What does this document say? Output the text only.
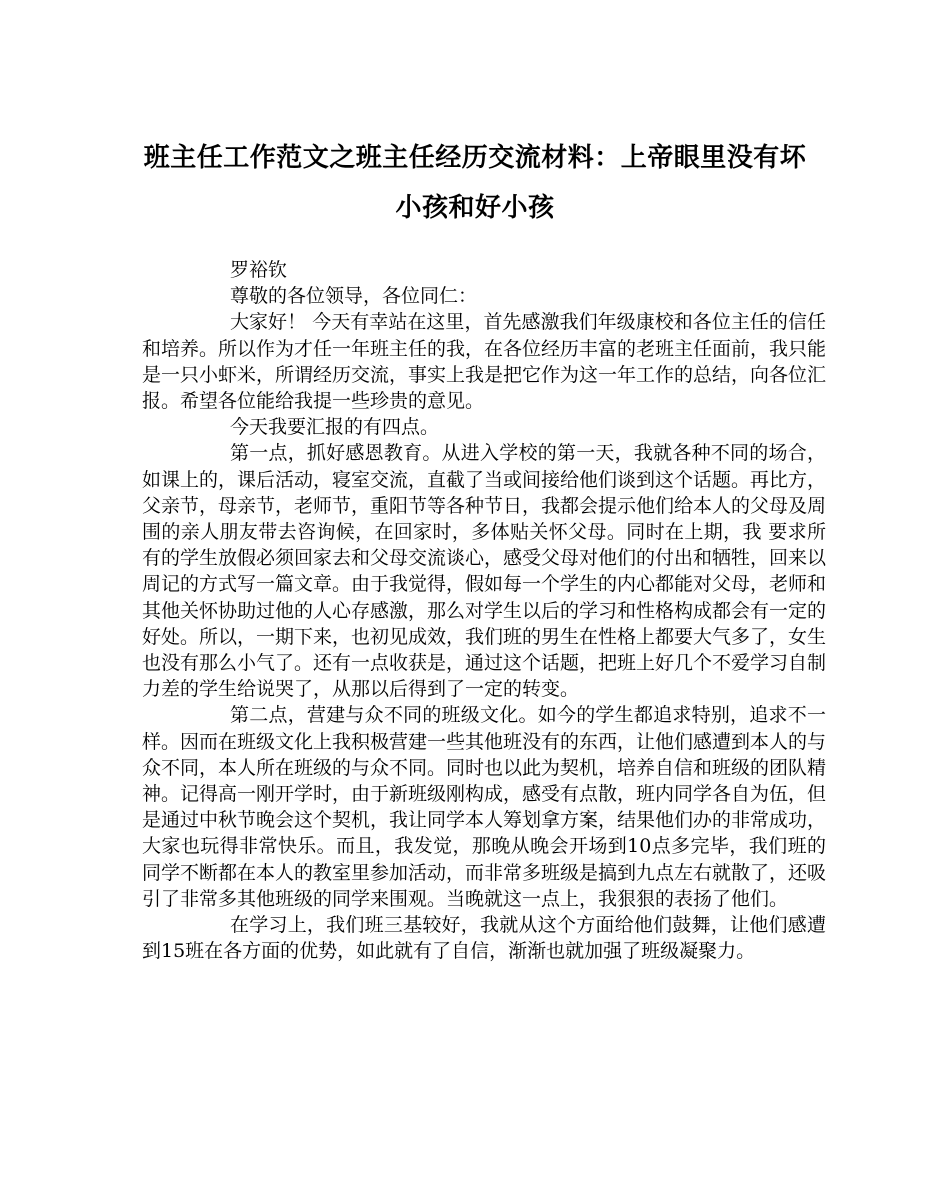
班主任工作范文之班主任经历交流材料：上帝眼里没有坏小孩和好小孩

罗裕钦

尊敬的各位领导，各位同仁：

大家好！ 今天有幸站在这里，首先感激我们年级康校和各位主任的信任和培养。所以作为才任一年班主任的我，在各位经历丰富的老班主任面前，我只能是一只小虾米，所谓经历交流，事实上我是把它作为这一年工作的总结，向各位汇报。希望各位能给我提一些珍贵的意见。

今天我要汇报的有四点。

第一点，抓好感恩教育。从进入学校的第一天，我就各种不同的场合，如课上的，课后活动，寝室交流，直截了当或间接给他们谈到这个话题。再比方，父亲节，母亲节，老师节，重阳节等各种节日，我都会提示他们给本人的父母及周围的亲人朋友带去咨询候，在回家时，多体贴关怀父母。同时在上期，我 要求所有的学生放假必须回家去和父母交流谈心，感受父母对他们的付出和牺牲，回来以周记的方式写一篇文章。由于我觉得，假如每一个学生的内心都能对父母，老师和其他关怀协助过他的人心存感激，那么对学生以后的学习和性格构成都会有一定的好处。所以，一期下来，也初见成效，我们班的男生在性格上都要大气多了，女生也没有那么小气了。还有一点收获是，通过这个话题，把班上好几个不爱学习自制力差的学生给说哭了，从那以后得到了一定的转变。

第二点，营建与众不同的班级文化。如今的学生都追求特别，追求不一样。因而在班级文化上我积极营建一些其他班没有的东西，让他们感遭到本人的与众不同，本人所在班级的与众不同。同时也以此为契机，培养自信和班级的团队精神。记得高一刚开学时，由于新班级刚构成，感受有点散，班内同学各自为伍，但是通过中秋节晚会这个契机，我让同学本人筹划拿方案，结果他们办的非常成功，大家也玩得非常快乐。而且，我发觉，那晚从晚会开场到10点多完毕，我们班的同学不断都在本人的教室里参加活动，而非常多班级是搞到九点左右就散了，还吸引了非常多其他班级的同学来围观。当晚就这一点上，我狠狠的表扬了他们。

在学习上，我们班三基较好，我就从这个方面给他们鼓舞，让他们感遭到15班在各方面的优势，如此就有了自信，渐渐也就加强了班级凝聚力。
